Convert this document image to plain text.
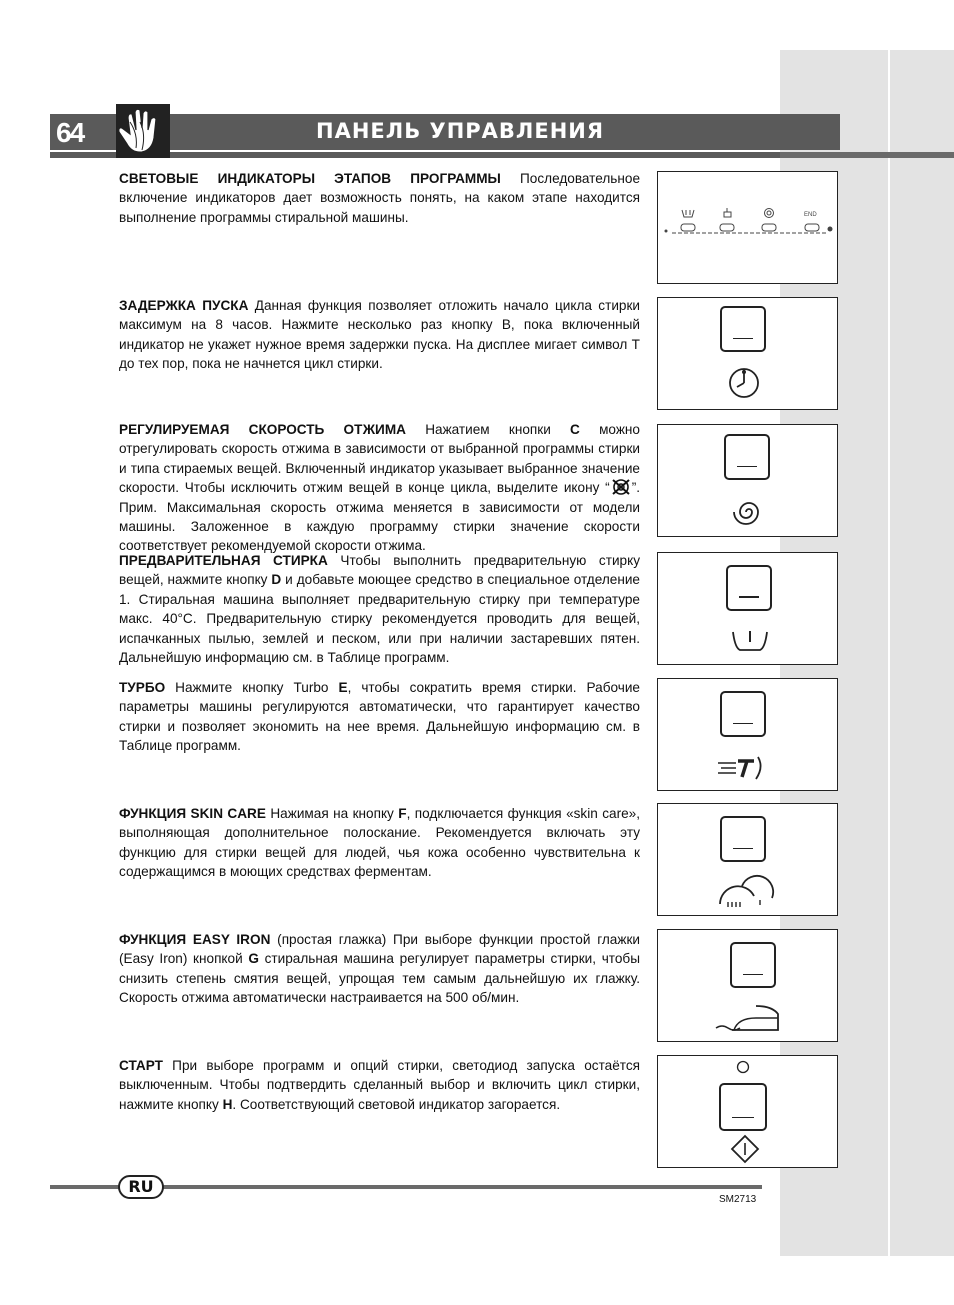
64	ПАНЕЛЬ УПРАВЛЕНИЯ
СВЕТОВЫЕ ИНДИКАТОРЫ ЭТАПОВ ПРОГРАММЫ Последовательное включение индикаторов дает возможность понять, на каком этапе находится выполнение программы стиральной машины.	END
ЗАДЕРЖКА ПУСКА Данная функция позволяет отложить начало цикла стирки максимум на 8 часов. Нажмите несколько раз кнопку B, пока включенный индикатор не укажет нужное время задержки пуска. На дисплее мигает символ T до тех пор, пока не начнется цикл стирки.
РЕГУЛИРУЕМАЯ СКОРОСТЬ ОТЖИМА Нажатием кнопки C можно отрегулировать скорость отжима в зависимости от выбранной программы стирки и типа стираемых вещей. Включенный индикатор указывает выбранное значение скорости. Чтобы исключить отжим вещей в конце цикла, выделите икону “ ”. Прим. Максимальная скорость отжима меняется в зависимости от модели машины. Заложенное в каждую программу стирки значение скорости соответствует рекомендуемой скорости отжима.
ПРЕДВАРИТЕЛЬНАЯ СТИРКА Чтобы выполнить предварительную стирку вещей, нажмите кнопку D и добавьте моющее средство в специальное отделение 1. Стиральная машина выполняет предварительную стирку при температуре макс. 40°C. Предварительную стирку рекомендуется проводить для вещей, испачканных пылью, землей и песком, или при наличии застаревших пятен. Дальнейшую информацию см. в Таблице программ.
ТУРБО Нажмите кнопку Turbo E, чтобы сократить время стирки. Рабочие параметры машины регулируются автоматически, что гарантирует качество стирки и позволяет экономить на нее время. Дальнейшую информацию см. в Таблице программ.
ФУНКЦИЯ SKIN CARE Нажимая на кнопку F, подключается функция «skin care», выполняющая дополнительное полоскание. Рекомендуется включать эту функцию для стирки вещей для людей, чья кожа особенно чувствительна к содержащимся в моющих средствах ферментам.
ФУНКЦИЯ EASY IRON (простая глажка) При выборе функции простой глажки (Easy Iron) кнопкой G стиральная машина регулирует параметры стирки, чтобы снизить степень смятия вещей, упрощая тем самым дальнейшую их глажку. Скорость отжима автоматически настраивается на 500 об/мин.
СТАРТ При выборе программ и опций стирки, светодиод запуска остаётся выключенным. Чтобы подтвердить сделанный выбор и включить цикл стирки, нажмите кнопку H. Соответствующий световой индикатор загорается.
RU
SM2713
